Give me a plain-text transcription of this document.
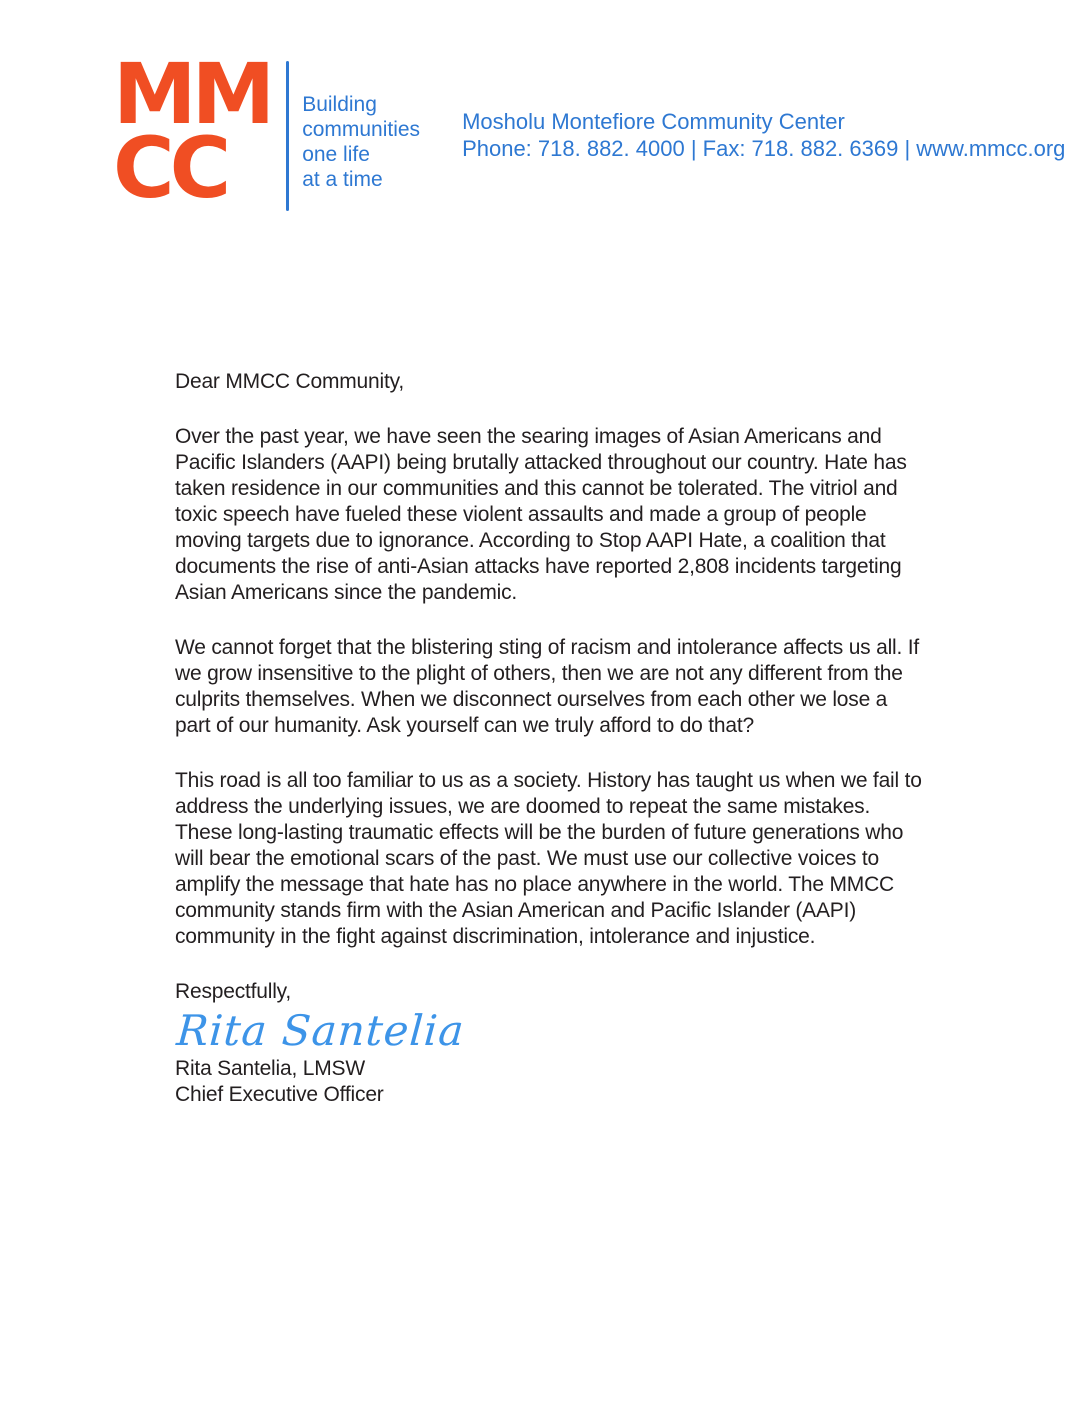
MM
CC
Building
communities
one life
at a time
Mosholu Montefiore Community Center
Phone: 718. 882. 4000 | Fax: 718. 882. 6369 | www.mmcc.org

Dear MMCC Community,

Over the past year, we have seen the searing images of Asian Americans and Pacific Islanders (AAPI) being brutally attacked throughout our country. Hate has taken residence in our communities and this cannot be tolerated. The vitriol and toxic speech have fueled these violent assaults and made a group of people moving targets due to ignorance. According to Stop AAPI Hate, a coalition that documents the rise of anti-Asian attacks have reported 2,808 incidents targeting Asian Americans since the pandemic.

We cannot forget that the blistering sting of racism and intolerance affects us all. If we grow insensitive to the plight of others, then we are not any different from the culprits themselves. When we disconnect ourselves from each other we lose a part of our humanity. Ask yourself can we truly afford to do that?

This road is all too familiar to us as a society. History has taught us when we fail to address the underlying issues, we are doomed to repeat the same mistakes. These long-lasting traumatic effects will be the burden of future generations who will bear the emotional scars of the past. We must use our collective voices to amplify the message that hate has no place anywhere in the world. The MMCC community stands firm with the Asian American and Pacific Islander (AAPI) community in the fight against discrimination, intolerance and injustice.

Respectfully,

Rita Santelia
Rita Santelia, LMSW
Chief Executive Officer
